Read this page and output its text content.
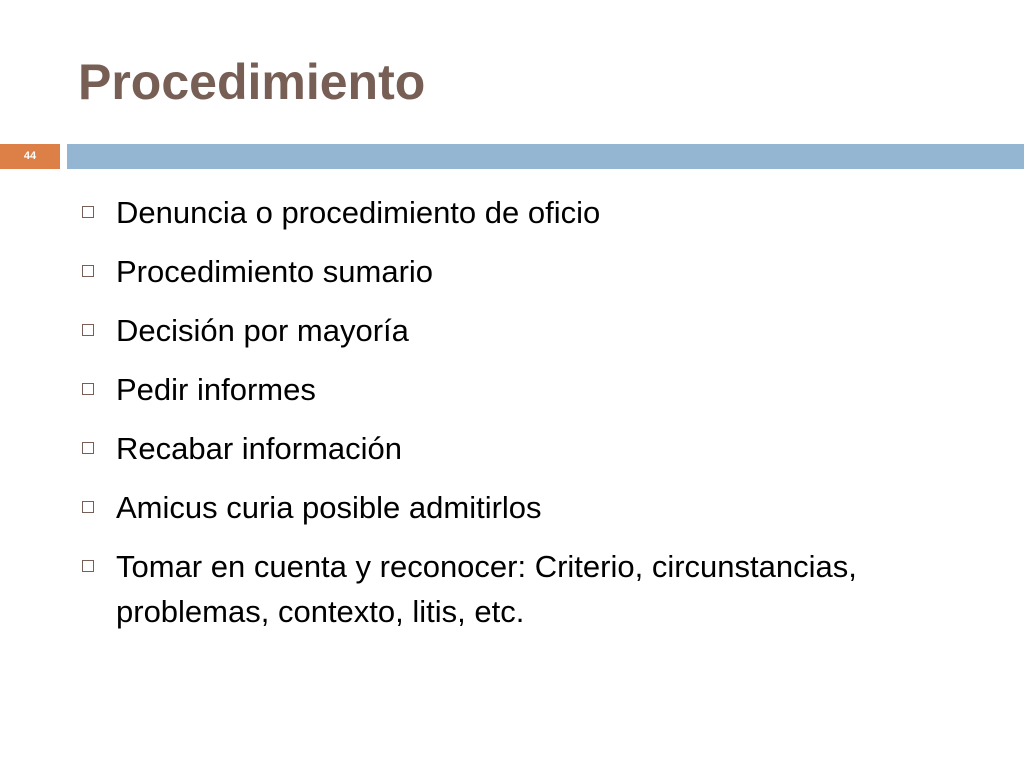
Procedimiento
44
Denuncia o procedimiento de oficio
Procedimiento sumario
Decisión por mayoría
Pedir informes
Recabar información
Amicus curia posible admitirlos
Tomar en cuenta y reconocer: Criterio, circunstancias, problemas, contexto, litis, etc.
